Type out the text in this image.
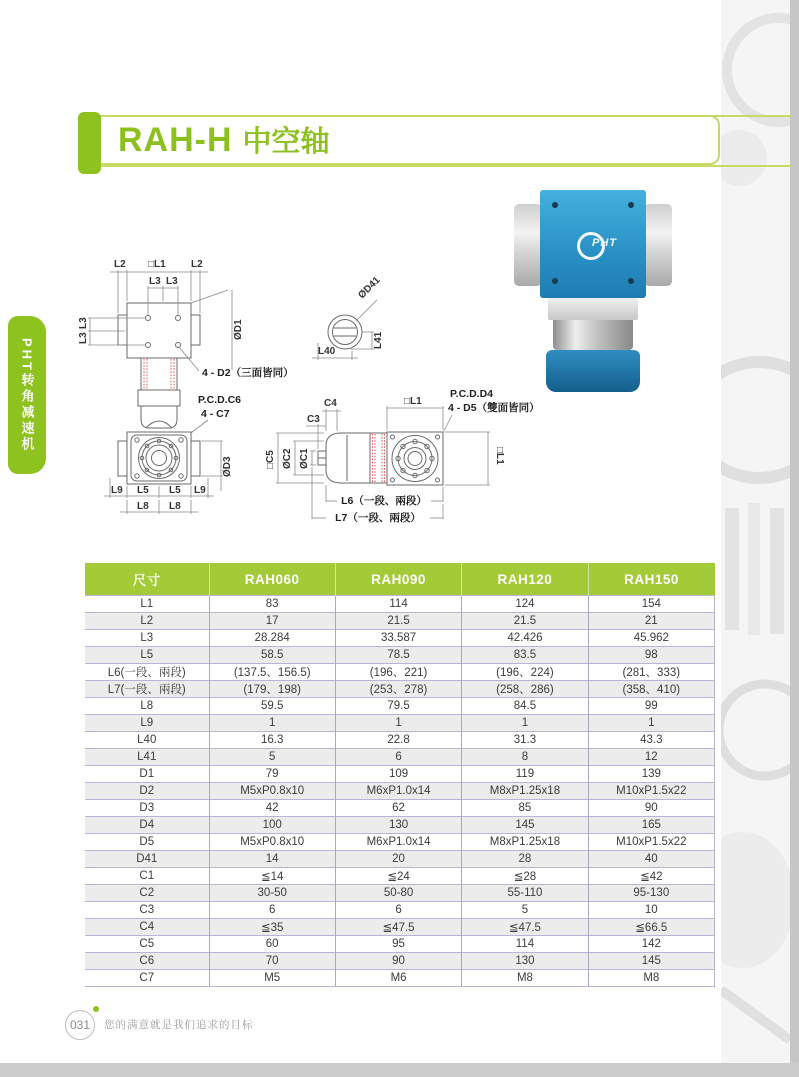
RAH-H 中空轴
PHT转角减速机
L2 □L1	L2
L3 L3
L3
L3	ØD1
4 - D2（三面皆同）
P.C.D.C6
4 - C7
ØD3
L9 L5 L5 L9
L8 L8
ØD41
L41
L40
C4
C3
□L1
P.C.D.D4
4 - D5（雙面皆同）
□L1
□C5 ØC2 ØC1
L6（一段、兩段）
L7（一段、兩段）
PHT
尺寸	RAH060	RAH090	RAH120	RAH150
L1	83	114	124	154
L2	17	21.5	21.5	21
L3	28.284	33.587	42.426	45.962
L5	58.5	78.5	83.5	98
L6(一段、兩段)	(137.5、156.5)	(196、221)	(196、224)	(281、333)
L7(一段、兩段)	(179、198)	(253、278)	(258、286)	(358、410)
L8	59.5	79.5	84.5	99
L9	1	1	1	1
L40	16.3	22.8	31.3	43.3
L41	5	6	8	12
D1	79	109	119	139
D2	M5xP0.8x10	M6xP1.0x14	M8xP1.25x18	M10xP1.5x22
D3	42	62	85	90
D4	100	130	145	165
D5	M5xP0.8x10	M6xP1.0x14	M8xP1.25x18	M10xP1.5x22
D41	14	20	28	40
C1	≦14	≦24	≦28	≦42
C2	30-50	50-80	55-110	95-130
C3	6	6	5	10
C4	≦35	≦47.5	≦47.5	≦66.5
C5	60	95	114	142
C6	70	90	130	145
C7	M5	M6	M8	M8
031 您的满意就是我们追求的目标
